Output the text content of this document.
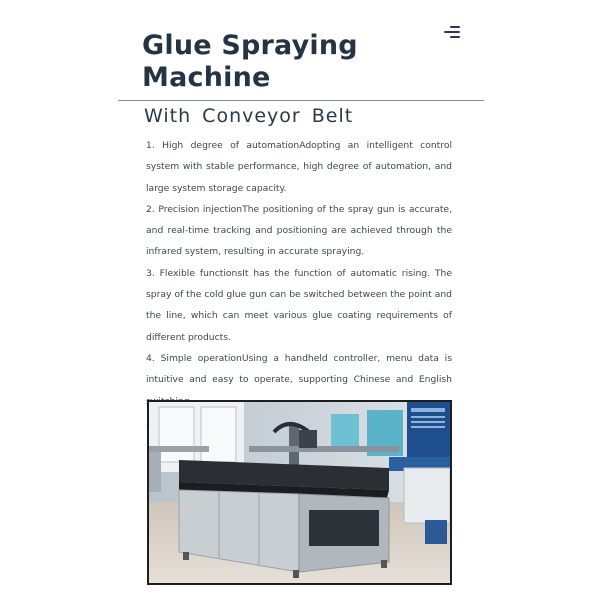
Glue Spraying
Machine
With Conveyor Belt
1. High degree of automationAdopting an intelligent control system with stable performance, high degree of automation, and large system storage capacity.
2. Precision injectionThe positioning of the spray gun is accurate, and real-time tracking and positioning are achieved through the infrared system, resulting in accurate spraying.
3. Flexible functionsIt has the function of automatic rising. The spray of the cold glue gun can be switched between the point and the line, which can meet various glue coating requirements of different products.
4. Simple operationUsing a handheld controller, menu data is intuitive and easy to operate, supporting Chinese and English
